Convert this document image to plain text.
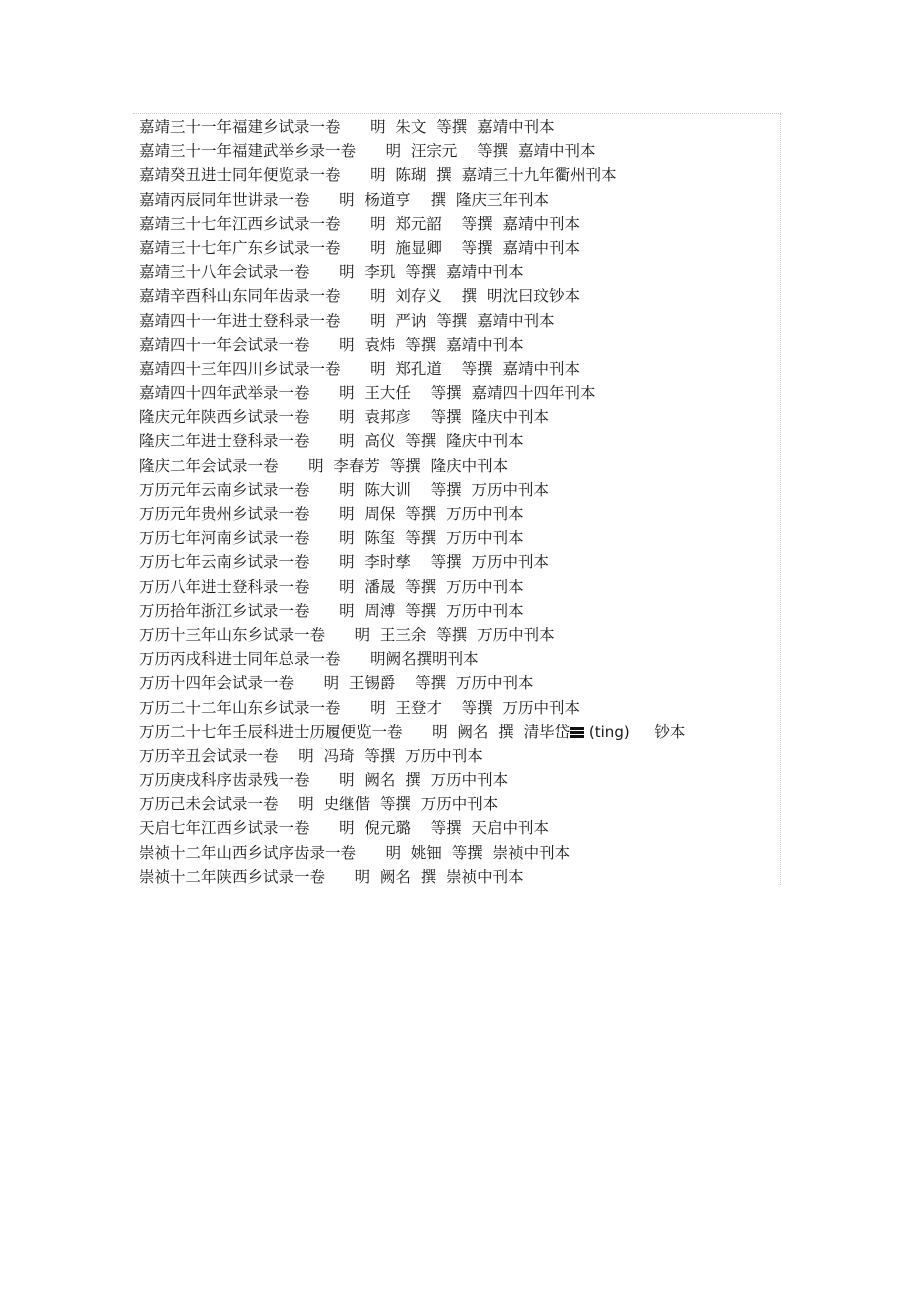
嘉靖三十一年福建乡试录一卷      明  朱文  等撰  嘉靖中刊本
嘉靖三十一年福建武举乡录一卷      明  汪宗元    等撰  嘉靖中刊本
嘉靖癸丑进士同年便览录一卷      明  陈瑚  撰  嘉靖三十九年衢州刊本
嘉靖丙辰同年世讲录一卷      明  杨道亨    撰  隆庆三年刊本
嘉靖三十七年江西乡试录一卷      明  郑元韶    等撰  嘉靖中刊本
嘉靖三十七年广东乡试录一卷      明  施显卿    等撰  嘉靖中刊本
嘉靖三十八年会试录一卷      明  李玑  等撰  嘉靖中刊本
嘉靖辛酉科山东同年齿录一卷      明  刘存义    撰  明沈曰玟钞本
嘉靖四十一年进士登科录一卷      明  严讷  等撰  嘉靖中刊本
嘉靖四十一年会试录一卷      明  袁炜  等撰  嘉靖中刊本
嘉靖四十三年四川乡试录一卷      明  郑孔道    等撰  嘉靖中刊本
嘉靖四十四年武举录一卷      明  王大任    等撰  嘉靖四十四年刊本
隆庆元年陕西乡试录一卷      明  袁邦彦    等撰  隆庆中刊本
隆庆二年进士登科录一卷      明  高仪  等撰  隆庆中刊本
隆庆二年会试录一卷      明  李春芳  等撰  隆庆中刊本
万历元年云南乡试录一卷      明  陈大训    等撰  万历中刊本
万历元年贵州乡试录一卷      明  周保  等撰  万历中刊本
万历七年河南乡试录一卷      明  陈玺  等撰  万历中刊本
万历七年云南乡试录一卷      明  李时孳    等撰  万历中刊本
万历八年进士登科录一卷      明  潘晟  等撰  万历中刊本
万历拾年浙江乡试录一卷      明  周溥  等撰  万历中刊本
万历十三年山东乡试录一卷      明  王三余  等撰  万历中刊本
万历丙戌科进士同年总录一卷      明阙名撰明刊本
万历十四年会试录一卷      明  王锡爵    等撰  万历中刊本
万历二十二年山东乡试录一卷      明  王登才    等撰  万历中刊本
万历二十七年壬辰科进士历履便览一卷      明  阙名  撰  清毕岱 (ting)     钞本
万历辛丑会试录一卷    明  冯琦  等撰  万历中刊本
万历庚戌科序齿录残一卷      明  阙名  撰  万历中刊本
万历己未会试录一卷    明  史继偕  等撰  万历中刊本
天启七年江西乡试录一卷      明  倪元璐    等撰  天启中刊本
崇祯十二年山西乡试序齿录一卷      明  姚钿  等撰  崇祯中刊本
崇祯十二年陕西乡试录一卷      明  阙名  撰  崇祯中刊本
